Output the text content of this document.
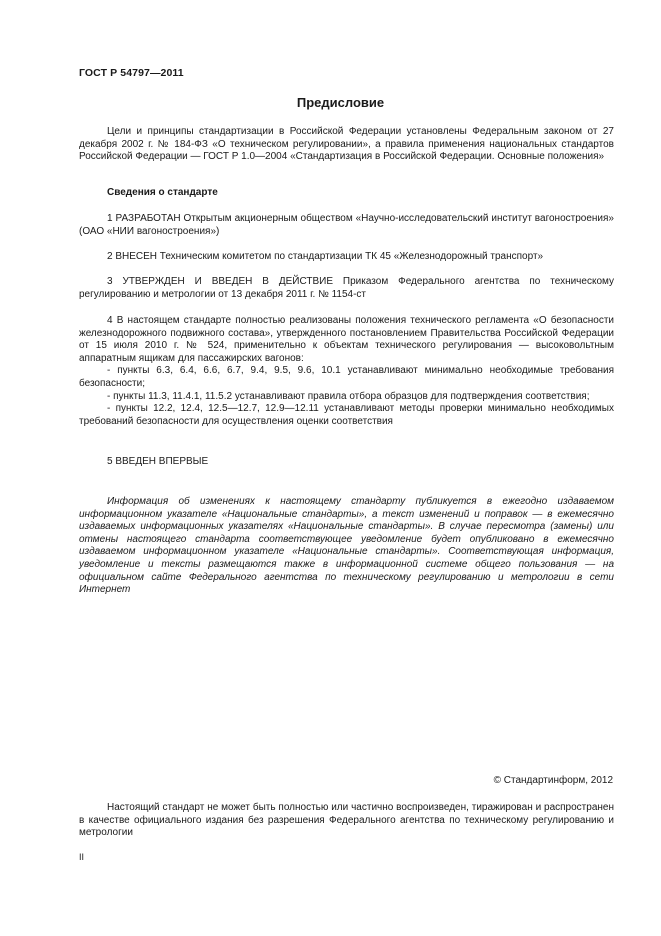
ГОСТ Р 54797—2011
Предисловие

Цели и принципы стандартизации в Российской Федерации установлены Федеральным законом от 27 декабря 2002 г. № 184-ФЗ «О техническом регулировании», а правила применения национальных стандартов Российской Федерации — ГОСТ Р 1.0—2004 «Стандартизация в Российской Федерации. Основные положения»

Сведения о стандарте

1 РАЗРАБОТАН Открытым акционерным обществом «Научно-исследовательский институт вагоностроения» (ОАО «НИИ вагоностроения»)

2 ВНЕСЕН Техническим комитетом по стандартизации ТК 45 «Железнодорожный транспорт»

3 УТВЕРЖДЕН И ВВЕДЕН В ДЕЙСТВИЕ Приказом Федерального агентства по техническому регулированию и метрологии от 13 декабря 2011 г. № 1154-ст

4 В настоящем стандарте полностью реализованы положения технического регламента «О безопасности железнодорожного подвижного состава», утвержденного постановлением Правительства Российской Федерации от 15 июля 2010 г. № 524, применительно к объектам технического регулирования — высоковольтным аппаратным ящикам для пассажирских вагонов:

- пункты 6.3, 6.4, 6.6, 6.7, 9.4, 9.5, 9.6, 10.1 устанавливают минимально необходимые требования безопасности;

- пункты 11.3, 11.4.1, 11.5.2 устанавливают правила отбора образцов для подтверждения соответствия;

- пункты 12.2, 12.4, 12.5—12.7, 12.9—12.11 устанавливают методы проверки минимально необходимых требований безопасности для осуществления оценки соответствия

5 ВВЕДЕН ВПЕРВЫЕ

Информация об изменениях к настоящему стандарту публикуется в ежегодно издаваемом информационном указателе «Национальные стандарты», а текст изменений и поправок — в ежемесячно издаваемых информационных указателях «Национальные стандарты». В случае пересмотра (замены) или отмены настоящего стандарта соответствующее уведомление будет опубликовано в ежемесячно издаваемом информационном указателе «Национальные стандарты». Соответствующая информация, уведомление и тексты размещаются также в информационной системе общего пользования — на официальном сайте Федерального агентства по техническому регулированию и метрологии в сети Интернет

© Стандартинформ, 2012

Настоящий стандарт не может быть полностью или частично воспроизведен, тиражирован и распространен в качестве официального издания без разрешения Федерального агентства по техническому регулированию и метрологии

II
